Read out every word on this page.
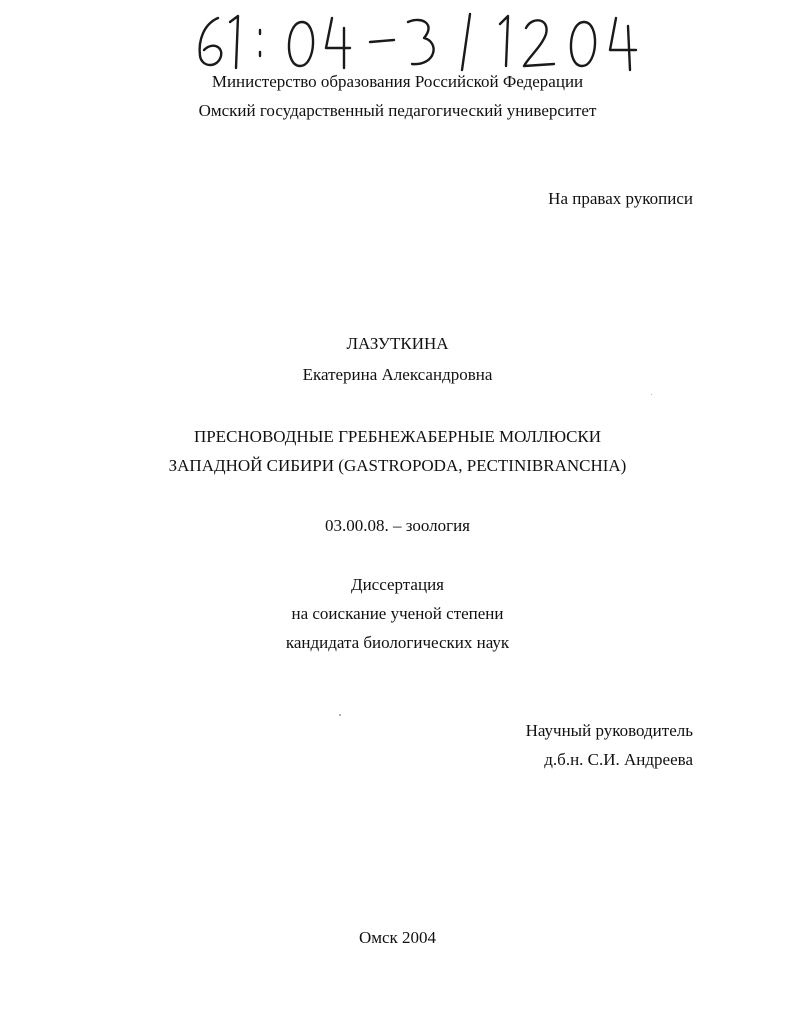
Министерство образования Российской Федерации
Омский государственный педагогический университет
На правах рукописи
ЛАЗУТКИНА
Екатерина Александровна
ПРЕСНОВОДНЫЕ ГРЕБНЕЖАБЕРНЫЕ МОЛЛЮСКИ
ЗАПАДНОЙ СИБИРИ (GASTROPODA, PECTINIBRANCHIA)
03.00.08. – зоология
Диссертация
на соискание ученой степени
кандидата биологических наук
Научный руководитель
д.б.н. С.И. Андреева
Омск 2004
